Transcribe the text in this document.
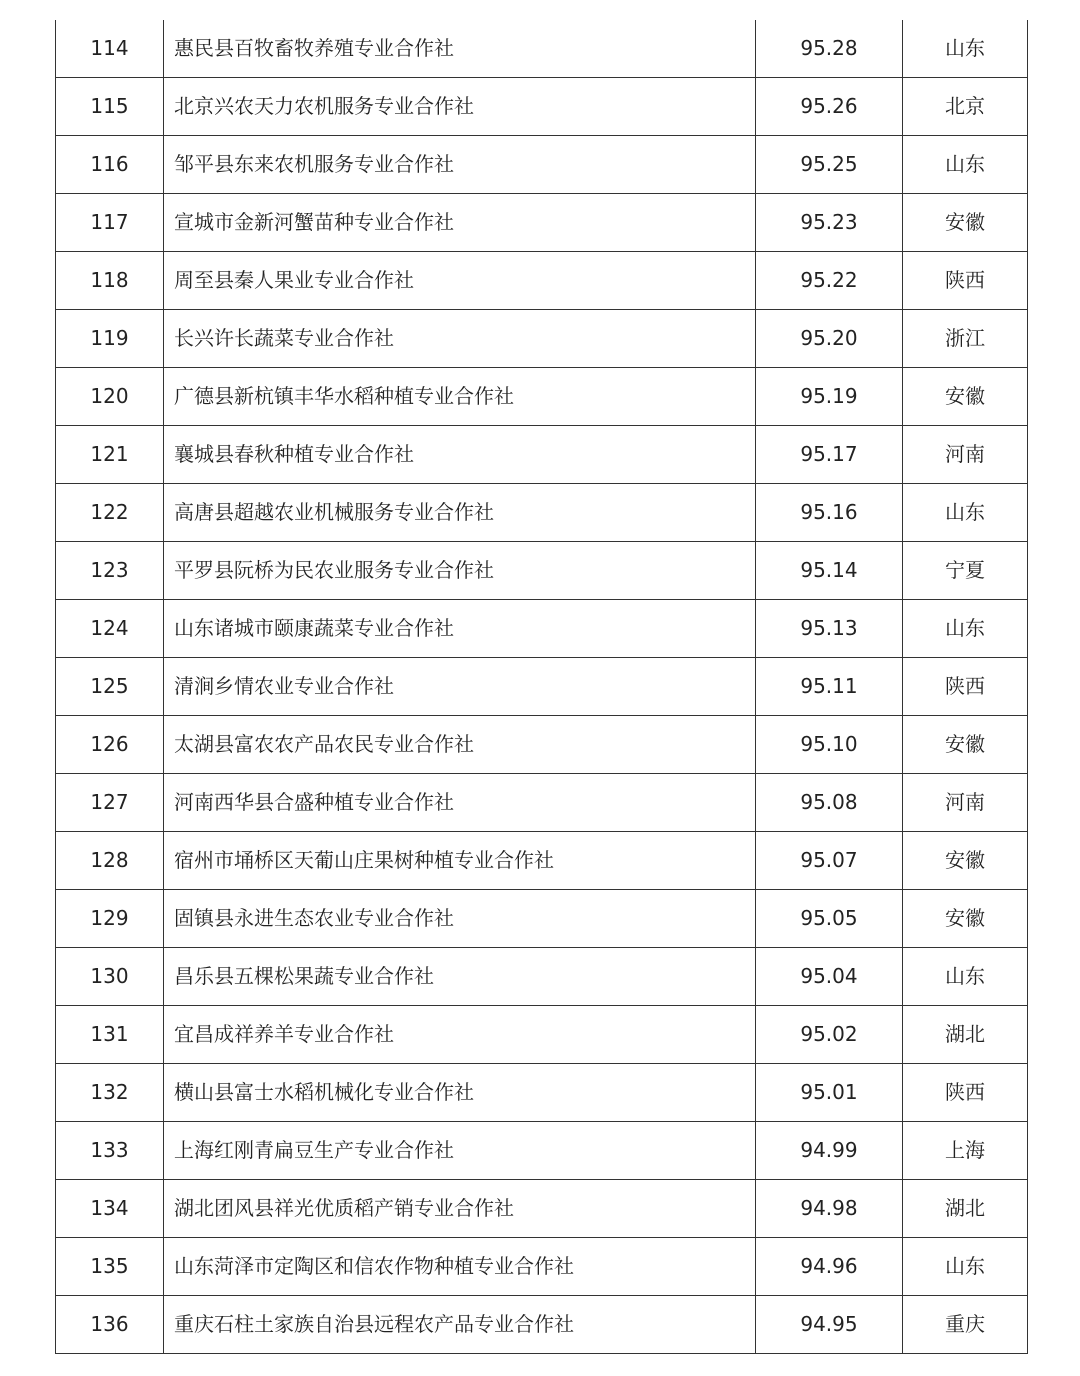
114	惠民县百牧畜牧养殖专业合作社	95.28	山东
115	北京兴农天力农机服务专业合作社	95.26	北京
116	邹平县东来农机服务专业合作社	95.25	山东
117	宣城市金新河蟹苗种专业合作社	95.23	安徽
118	周至县秦人果业专业合作社	95.22	陕西
119	长兴许长蔬菜专业合作社	95.20	浙江
120	广德县新杭镇丰华水稻种植专业合作社	95.19	安徽
121	襄城县春秋种植专业合作社	95.17	河南
122	高唐县超越农业机械服务专业合作社	95.16	山东
123	平罗县阮桥为民农业服务专业合作社	95.14	宁夏
124	山东诸城市颐康蔬菜专业合作社	95.13	山东
125	清涧乡情农业专业合作社	95.11	陕西
126	太湖县富农农产品农民专业合作社	95.10	安徽
127	河南西华县合盛种植专业合作社	95.08	河南
128	宿州市埇桥区天葡山庄果树种植专业合作社	95.07	安徽
129	固镇县永进生态农业专业合作社	95.05	安徽
130	昌乐县五棵松果蔬专业合作社	95.04	山东
131	宜昌成祥养羊专业合作社	95.02	湖北
132	横山县富士水稻机械化专业合作社	95.01	陕西
133	上海红刚青扁豆生产专业合作社	94.99	上海
134	湖北团风县祥光优质稻产销专业合作社	94.98	湖北
135	山东菏泽市定陶区和信农作物种植专业合作社	94.96	山东
136	重庆石柱土家族自治县远程农产品专业合作社	94.95	重庆
